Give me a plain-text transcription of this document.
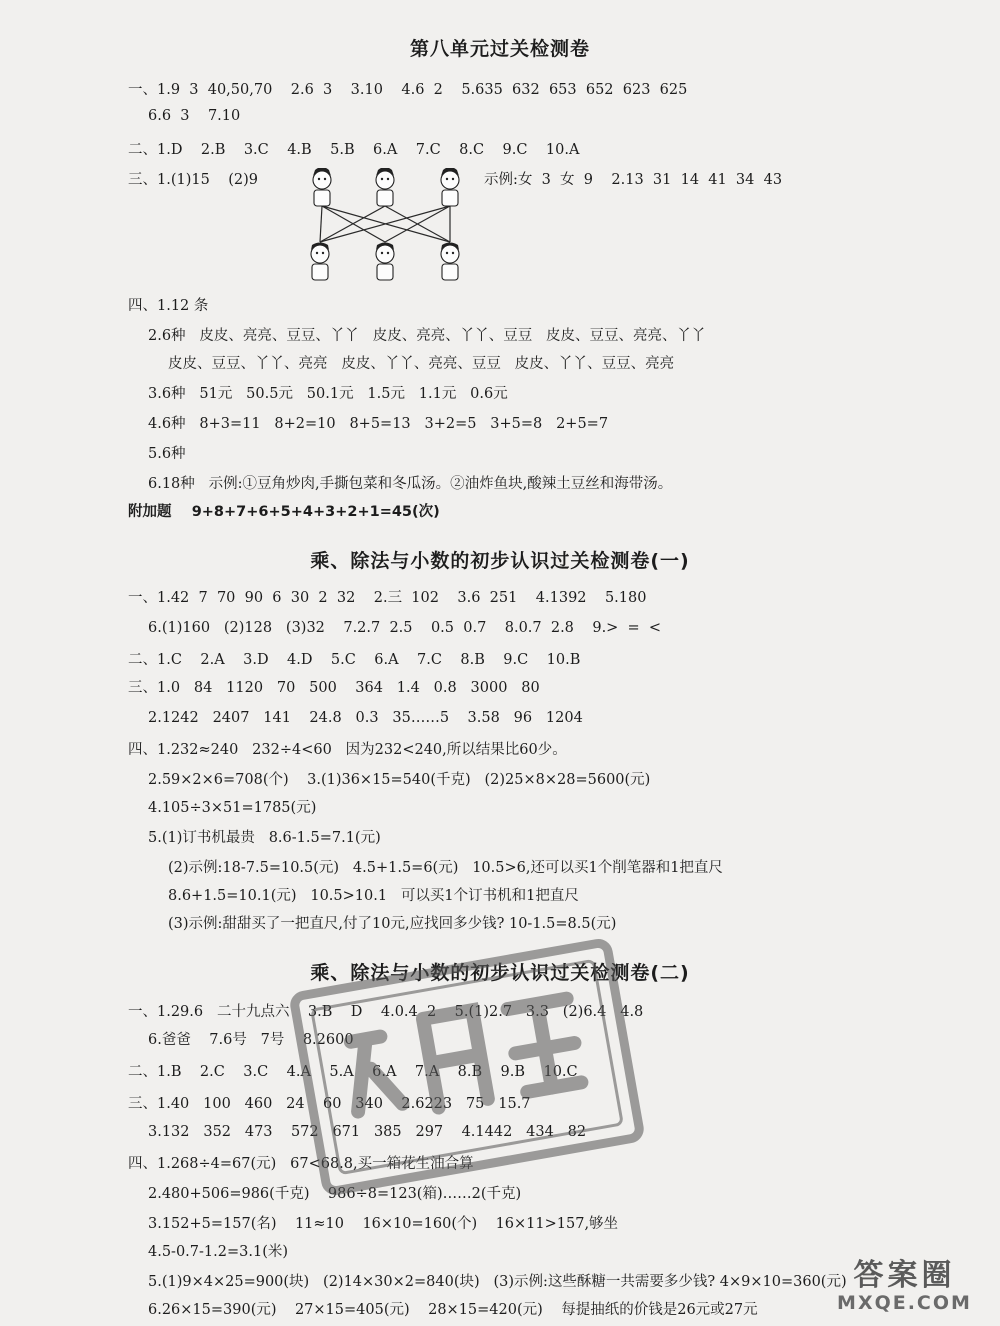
第八单元过关检测卷
一、1.9  3  40,50,70    2.6  3    3.10    4.6  2    5.635  632  653  652  623  625
6.6  3    7.10
二、1.D    2.B    3.C    4.B    5.B    6.A    7.C    8.C    9.C    10.A
三、1.(1)15    (2)9	示例:女  3  女  9    2.13  31  14  41  34  43
四、1.12 条
2.6种   皮皮、亮亮、豆豆、丫丫   皮皮、亮亮、丫丫、豆豆   皮皮、豆豆、亮亮、丫丫
皮皮、豆豆、丫丫、亮亮   皮皮、丫丫、亮亮、豆豆   皮皮、丫丫、豆豆、亮亮
3.6种   51元   50.5元   50.1元   1.5元   1.1元   0.6元
4.6种   8+3=11   8+2=10   8+5=13   3+2=5   3+5=8   2+5=7
5.6种
6.18种   示例:①豆角炒肉,手撕包菜和冬瓜汤。②油炸鱼块,酸辣土豆丝和海带汤。
附加题    9+8+7+6+5+4+3+2+1=45(次)
乘、除法与小数的初步认识过关检测卷(一)
一、1.42  7  70  90  6  30  2  32    2.三  102    3.6  251    4.1392    5.180
6.(1)160   (2)128   (3)32    7.2.7  2.5    0.5  0.7    8.0.7  2.8    9.>  =  <
二、1.C    2.A    3.D    4.D    5.C    6.A    7.C    8.B    9.C    10.B
三、1.0   84   1120   70   500    364   1.4   0.8   3000   80
2.1242   2407   141    24.8   0.3   35……5    3.58   96   1204
四、1.232≈240   232÷4<60   因为232<240,所以结果比60少。
2.59×2×6=708(个)    3.(1)36×15=540(千克)   (2)25×8×28=5600(元)
4.105÷3×51=1785(元)
5.(1)订书机最贵   8.6-1.5=7.1(元)
(2)示例:18-7.5=10.5(元)   4.5+1.5=6(元)   10.5>6,还可以买1个削笔器和1把直尺
8.6+1.5=10.1(元)   10.5>10.1   可以买1个订书机和1把直尺
(3)示例:甜甜买了一把直尺,付了10元,应找回多少钱? 10-1.5=8.5(元)
乘、除法与小数的初步认识过关检测卷(二)
一、1.29.6   二十九点六    3.B    D    4.0.4  2    5.(1)2.7   3.3   (2)6.4   4.8
6.爸爸    7.6号   7号    8.2600
二、1.B    2.C    3.C    4.A    5.A    6.A    7.A    8.B    9.B    10.C
三、1.40   100   460   24    60   340    2.6223   75   15.7
3.132   352   473    572   671   385   297    4.1442   434   82
四、1.268÷4=67(元)   67<68.8,买一箱花生油合算
2.480+506=986(千克)    986÷8=123(箱)……2(千克)
3.152+5=157(名)    11≈10    16×10=160(个)    16×11>157,够坐
4.5-0.7-1.2=3.1(米)
5.(1)9×4×25=900(块)   (2)14×30×2=840(块)   (3)示例:这些酥糖一共需要多少钱? 4×9×10=360(元)
6.26×15=390(元)    27×15=405(元)    28×15=420(元)    每提抽纸的价钱是26元或27元
答案圈
MXQE.COM
